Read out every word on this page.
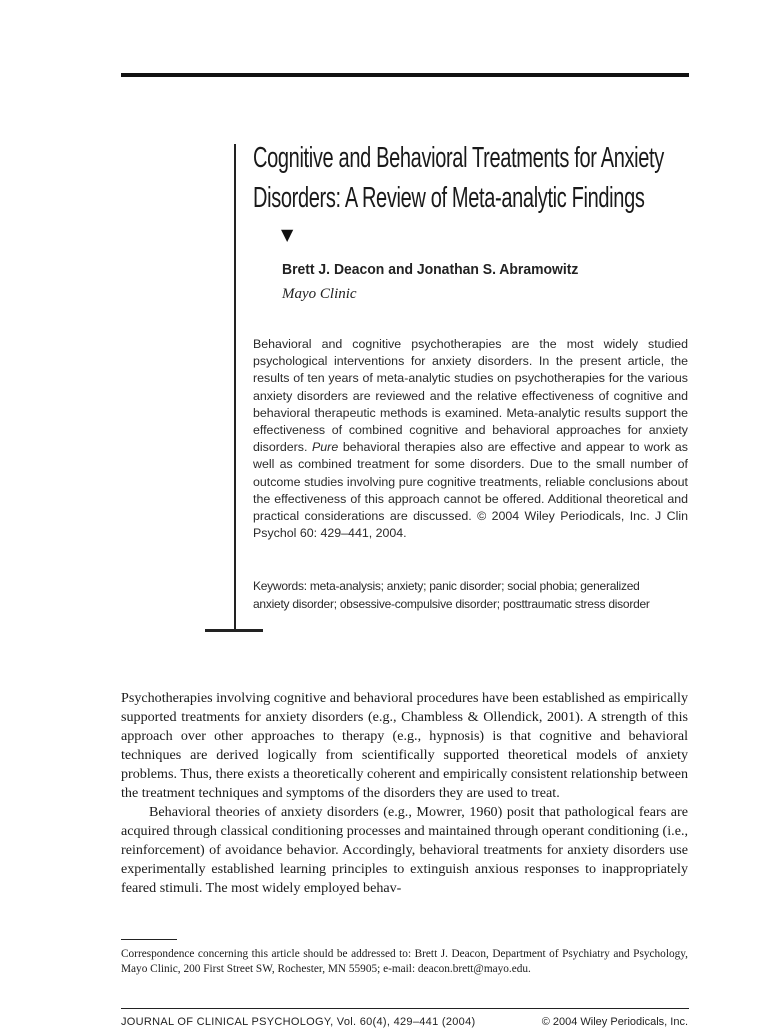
Cognitive and Behavioral Treatments for Anxiety
Disorders: A Review of Meta-analytic Findings
▼
Brett J. Deacon and Jonathan S. Abramowitz
Mayo Clinic

Behavioral and cognitive psychotherapies are the most widely studied psychological interventions for anxiety disorders. In the present article, the results of ten years of meta-analytic studies on psychotherapies for the various anxiety disorders are reviewed and the relative effectiveness of cognitive and behavioral therapeutic methods is examined. Meta-analytic results support the effectiveness of combined cognitive and behavioral approaches for anxiety disorders. Pure behavioral therapies also are effective and appear to work as well as combined treatment for some disorders. Due to the small number of outcome studies involving pure cognitive treatments, reliable conclusions about the effectiveness of this approach cannot be offered. Additional theoretical and practical considerations are discussed. © 2004 Wiley Periodicals, Inc. J Clin Psychol 60: 429–441, 2004.

Keywords: meta-analysis; anxiety; panic disorder; social phobia; generalized
anxiety disorder; obsessive-compulsive disorder; posttraumatic stress disorder

Psychotherapies involving cognitive and behavioral procedures have been established as empirically supported treatments for anxiety disorders (e.g., Chambless & Ollendick, 2001). A strength of this approach over other approaches to therapy (e.g., hypnosis) is that cognitive and behavioral techniques are derived logically from scientifically supported theoretical models of anxiety problems. Thus, there exists a theoretically coherent and empirically consistent relationship between the treatment techniques and symptoms of the disorders they are used to treat.

Behavioral theories of anxiety disorders (e.g., Mowrer, 1960) posit that pathological fears are acquired through classical conditioning processes and maintained through operant conditioning (i.e., reinforcement) of avoidance behavior. Accordingly, behavioral treatments for anxiety disorders use experimentally established learning principles to extinguish anxious responses to inappropriately feared stimuli. The most widely employed behav-

Correspondence concerning this article should be addressed to: Brett J. Deacon, Department of Psychiatry and Psychology, Mayo Clinic, 200 First Street SW, Rochester, MN 55905; e-mail: deacon.brett@mayo.edu.

JOURNAL OF CLINICAL PSYCHOLOGY, Vol. 60(4), 429–441 (2004)	© 2004 Wiley Periodicals, Inc.
